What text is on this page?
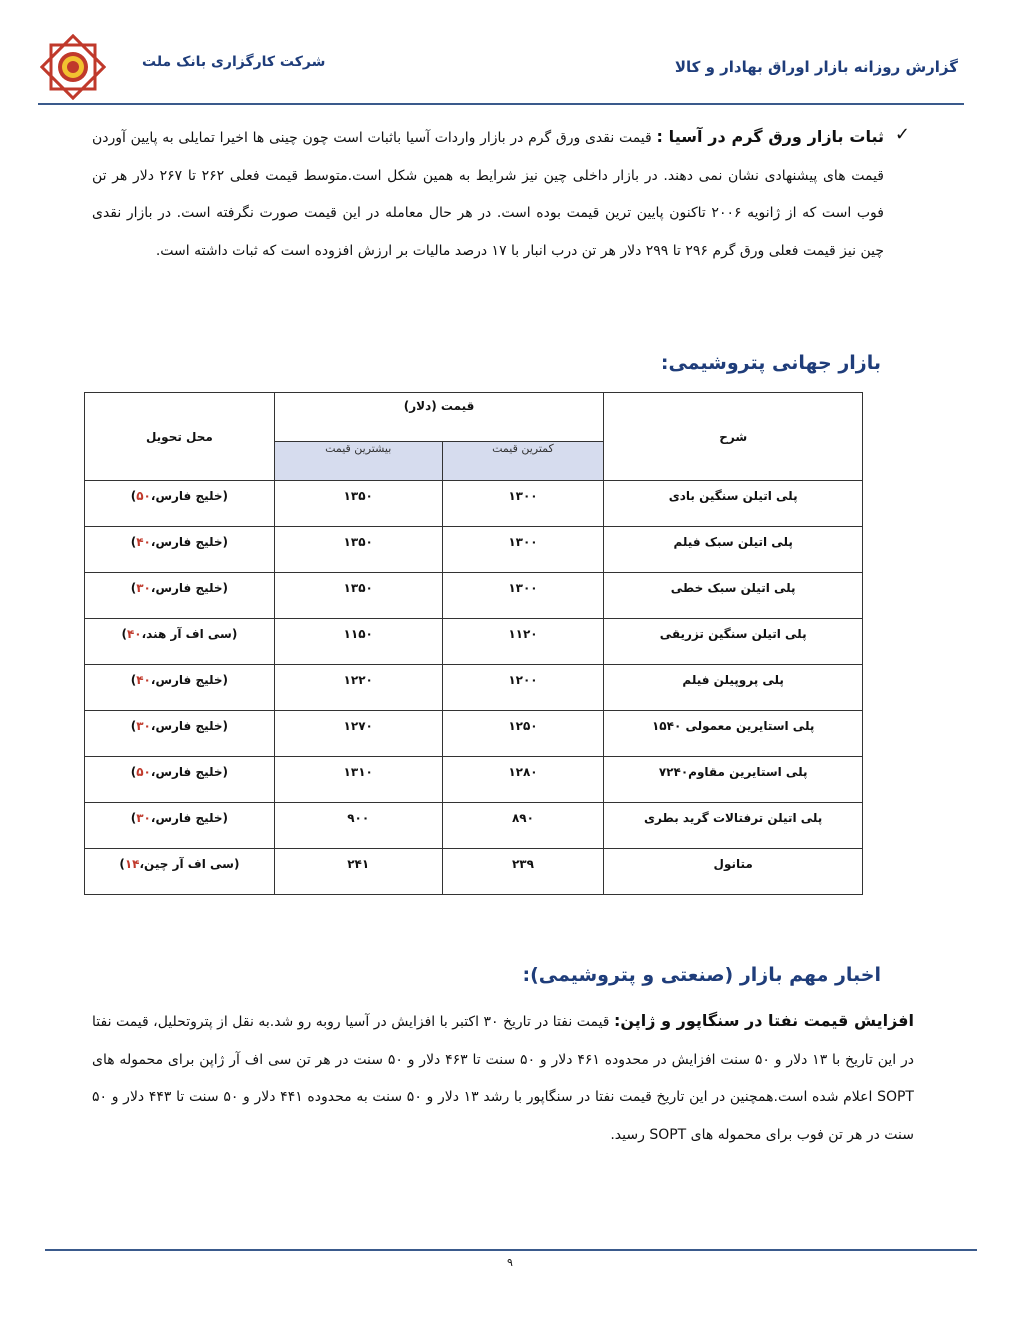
شرکت کارگزاری بانک ملت	گزارش روزانه بازار اوراق بهادار و کالا
✓
ثبات بازار ورق گرم در آسیا : قیمت نقدی ورق گرم در بازار واردات آسیا باثبات است چون چینی ها اخیرا تمایلی به پایین آوردن قیمت های پیشنهادی نشان نمی دهند. در بازار داخلی چین نیز شرایط به همین شکل است.متوسط قیمت فعلی ۲۶۲ تا ۲۶۷ دلار هر تن فوب است که از ژانویه ۲۰۰۶ تاکنون پایین ترین قیمت بوده است. در هر حال معامله در این قیمت صورت نگرفته است. در بازار نقدی چین نیز قیمت فعلی ورق گرم ۲۹۶ تا ۲۹۹ دلار هر تن درب انبار با ۱۷ درصد مالیات بر ارزش افزوده است که ثبات داشته است.
بازار جهانی پتروشیمی:
شرح	قیمت (دلار)		محل تحویل
	کمترین قیمت	بیشترین قیمت	

پلی اتیلن سنگین بادی	۱۳۰۰	۱۳۵۰	(خلیج فارس،۵۰)

پلی اتیلن سبک فیلم	۱۳۰۰	۱۳۵۰	(خلیج فارس،۴۰)

پلی اتیلن سبک خطی	۱۳۰۰	۱۳۵۰	(خلیج فارس،۳۰)

پلی اتیلن سنگین تزریقی	۱۱۲۰	۱۱۵۰	(سی اف آر هند،۴۰)

پلی پروپیلن فیلم	۱۲۰۰	۱۲۲۰	(خلیج فارس،۴۰)

پلی استایرین معمولی ۱۵۴۰	۱۲۵۰	۱۲۷۰	(خلیج فارس،۳۰)

پلی استایرین مقاوم۷۲۴۰	۱۲۸۰	۱۳۱۰	(خلیج فارس،۵۰)

پلی اتیلن ترفتالات گرید بطری	۸۹۰	۹۰۰	(خلیج فارس،۳۰)

متانول	۲۳۹	۲۴۱	(سی اف آر چین،۱۴)
اخبار مهم بازار (صنعتی و پتروشیمی):
افزایش قیمت نفتا در سنگاپور و ژاپن: قیمت نفتا در تاریخ ۳۰ اکتبر با افزایش در آسیا روبه رو شد.به نقل از پتروتحلیل، قیمت نفتا در این تاریخ با ۱۳ دلار و ۵۰ سنت افزایش در محدوده ۴۶۱ دلار و ۵۰ سنت تا ۴۶۳ دلار و ۵۰ سنت در هر تن سی اف آر ژاپن برای محموله های SOPT اعلام شده است.همچنین در این تاریخ قیمت نفتا در سنگاپور با رشد ۱۳ دلار و ۵۰ سنت به محدوده ۴۴۱ دلار و ۵۰ سنت تا ۴۴۳ دلار و ۵۰ سنت در هر تن فوب برای محموله های SOPT رسید.
۹
